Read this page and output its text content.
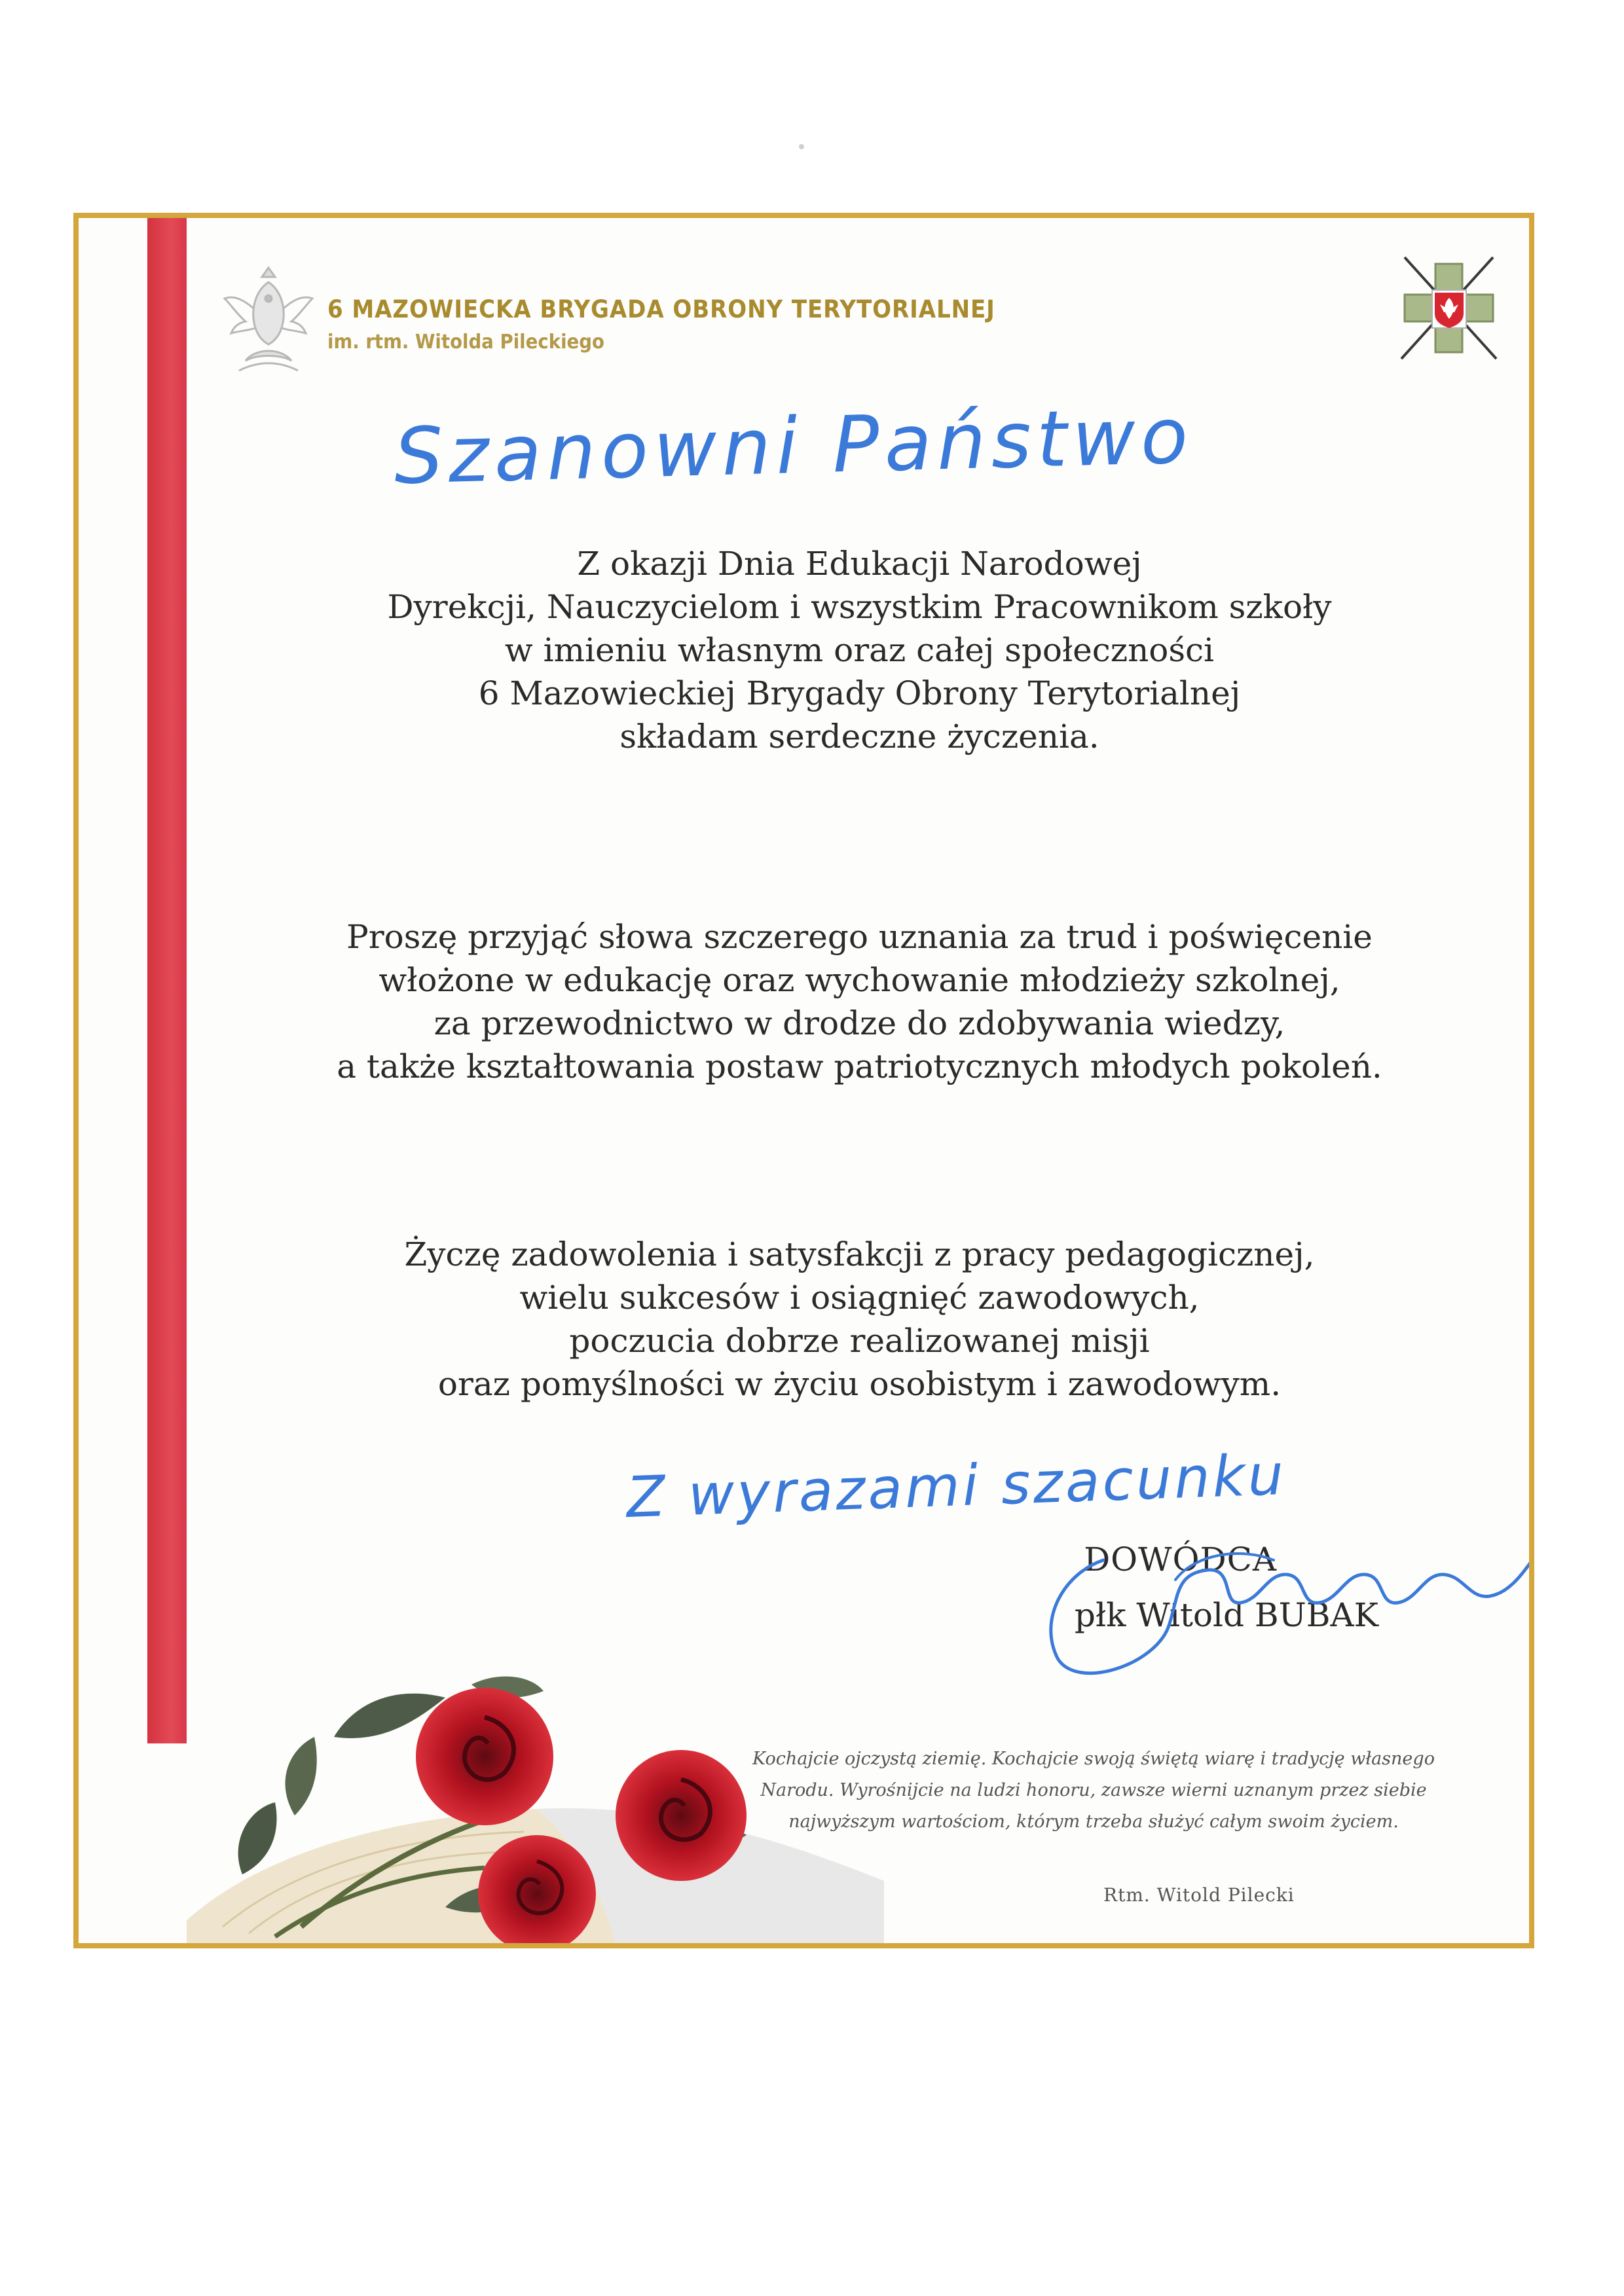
6 MAZOWIECKA BRYGADA OBRONY TERYTORIALNEJ
im. rtm. Witolda Pileckiego
Szanowni Państwo

Z okazji Dnia Edukacji Narodowej

Dyrekcji, Nauczycielom i wszystkim Pracownikom szkoły

w imieniu własnym oraz całej społeczności

6 Mazowieckiej Brygady Obrony Terytorialnej

składam serdeczne życzenia.

Proszę przyjąć słowa szczerego uznania za trud i poświęcenie

włożone w edukację oraz wychowanie młodzieży szkolnej,

za przewodnictwo w drodze do zdobywania wiedzy,

a także kształtowania postaw patriotycznych młodych pokoleń.

Życzę zadowolenia i satysfakcji z pracy pedagogicznej,

wielu sukcesów i osiągnięć zawodowych,

poczucia dobrze realizowanej misji

oraz pomyślności w życiu osobistym i zawodowym.

Z wyrazami szacunku
DOWÓDCA
płk Witold BUBAK

Kochajcie ojczystą ziemię. Kochajcie swoją świętą wiarę i tradycję własnego

Narodu. Wyrośnijcie na ludzi honoru, zawsze wierni uznanym przez siebie

najwyższym wartościom, którym trzeba służyć całym swoim życiem.

Rtm. Witold Pilecki
